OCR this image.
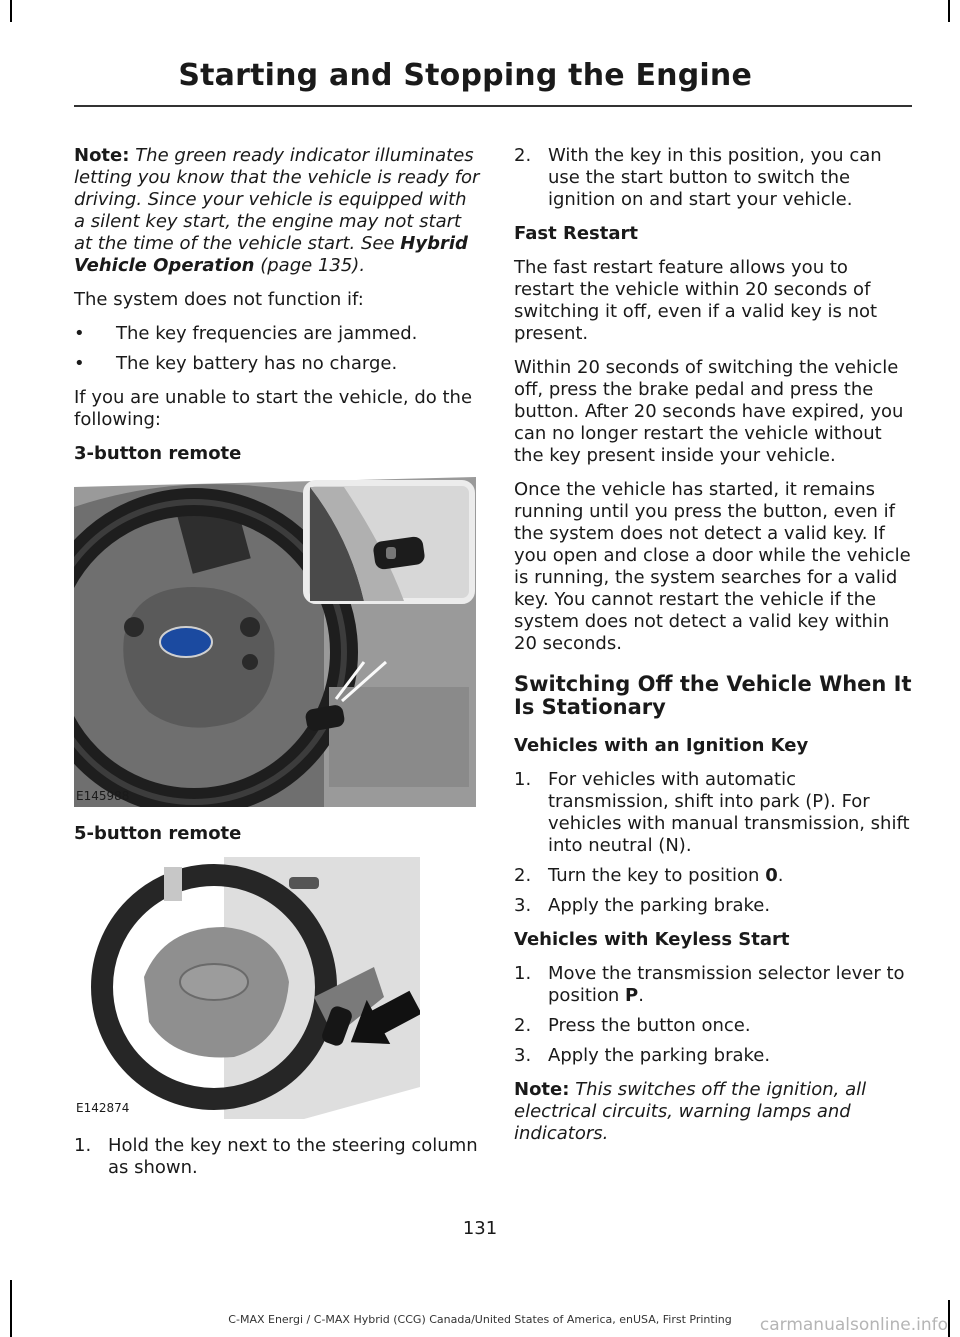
Starting and Stopping the Engine

Note: The green ready indicator illuminates letting you know that the vehicle is ready for driving. Since your vehicle is equipped with a silent key start, the engine may not start at the time of the vehicle start. See Hybrid Vehicle Operation (page 135).

The system does not function if:

• The key frequencies are jammed.
• The key battery has no charge.

If you are unable to start the vehicle, do the following:

3-button remote
E145988
5-button remote
E142874
1. Hold the key next to the steering column as shown.
2. With the key in this position, you can use the start button to switch the ignition on and start your vehicle.
Fast Restart

The fast restart feature allows you to restart the vehicle within 20 seconds of switching it off, even if a valid key is not present.

Within 20 seconds of switching the vehicle off, press the brake pedal and press the button. After 20 seconds have expired, you can no longer restart the vehicle without the key present inside your vehicle.

Once the vehicle has started, it remains running until you press the button, even if the system does not detect a valid key. If you open and close a door while the vehicle is running, the system searches for a valid key. You cannot restart the vehicle if the system does not detect a valid key within 20 seconds.

Switching Off the Vehicle When It Is Stationary
Vehicles with an Ignition Key
1. For vehicles with automatic transmission, shift into park (P). For vehicles with manual transmission, shift into neutral (N).
2. Turn the key to position 0.
3. Apply the parking brake.
Vehicles with Keyless Start
1. Move the transmission selector lever to position P.
2. Press the button once.
3. Apply the parking brake.

Note: This switches off the ignition, all electrical circuits, warning lamps and indicators.

131
C-MAX Energi / C-MAX Hybrid (CCG) Canada/United States of America, enUSA, First Printing	carmanualsonline.info
